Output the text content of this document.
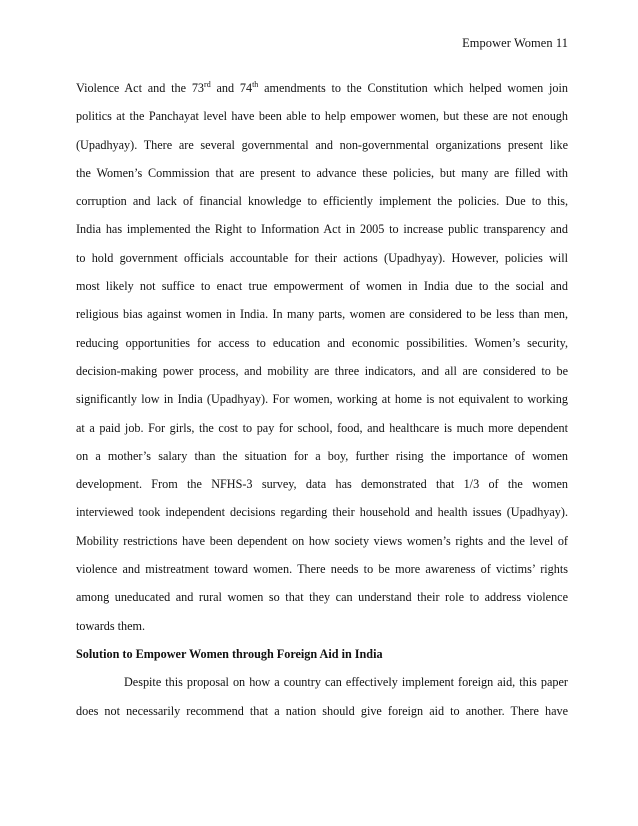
Empower Women 11
Violence Act and the 73rd and 74th amendments to the Constitution which helped women join
politics at the Panchayat level have been able to help empower women, but these are not enough
(Upadhyay). There are several governmental and non-governmental organizations present like
the Women’s Commission that are present to advance these policies, but many are filled with
corruption and lack of financial knowledge to efficiently implement the policies. Due to this,
India has implemented the Right to Information Act in 2005 to increase public transparency and
to hold government officials accountable for their actions (Upadhyay). However, policies will
most likely not suffice to enact true empowerment of women in India due to the social and
religious bias against women in India. In many parts, women are considered to be less than men,
reducing opportunities for access to education and economic possibilities. Women’s security,
decision-making power process, and mobility are three indicators, and all are considered to be
significantly low in India (Upadhyay). For women, working at home is not equivalent to working
at a paid job. For girls, the cost to pay for school, food, and healthcare is much more dependent
on a mother’s salary than the situation for a boy, further rising the importance of women
development. From the NFHS-3 survey, data has demonstrated that 1/3 of the women
interviewed took independent decisions regarding their household and health issues (Upadhyay).
Mobility restrictions have been dependent on how society views women’s rights and the level of
violence and mistreatment toward women. There needs to be more awareness of victims’ rights
among uneducated and rural women so that they can understand their role to address violence
towards them.
Solution to Empower Women through Foreign Aid in India
Despite this proposal on how a country can effectively implement foreign aid, this paper
does not necessarily recommend that a nation should give foreign aid to another. There have
